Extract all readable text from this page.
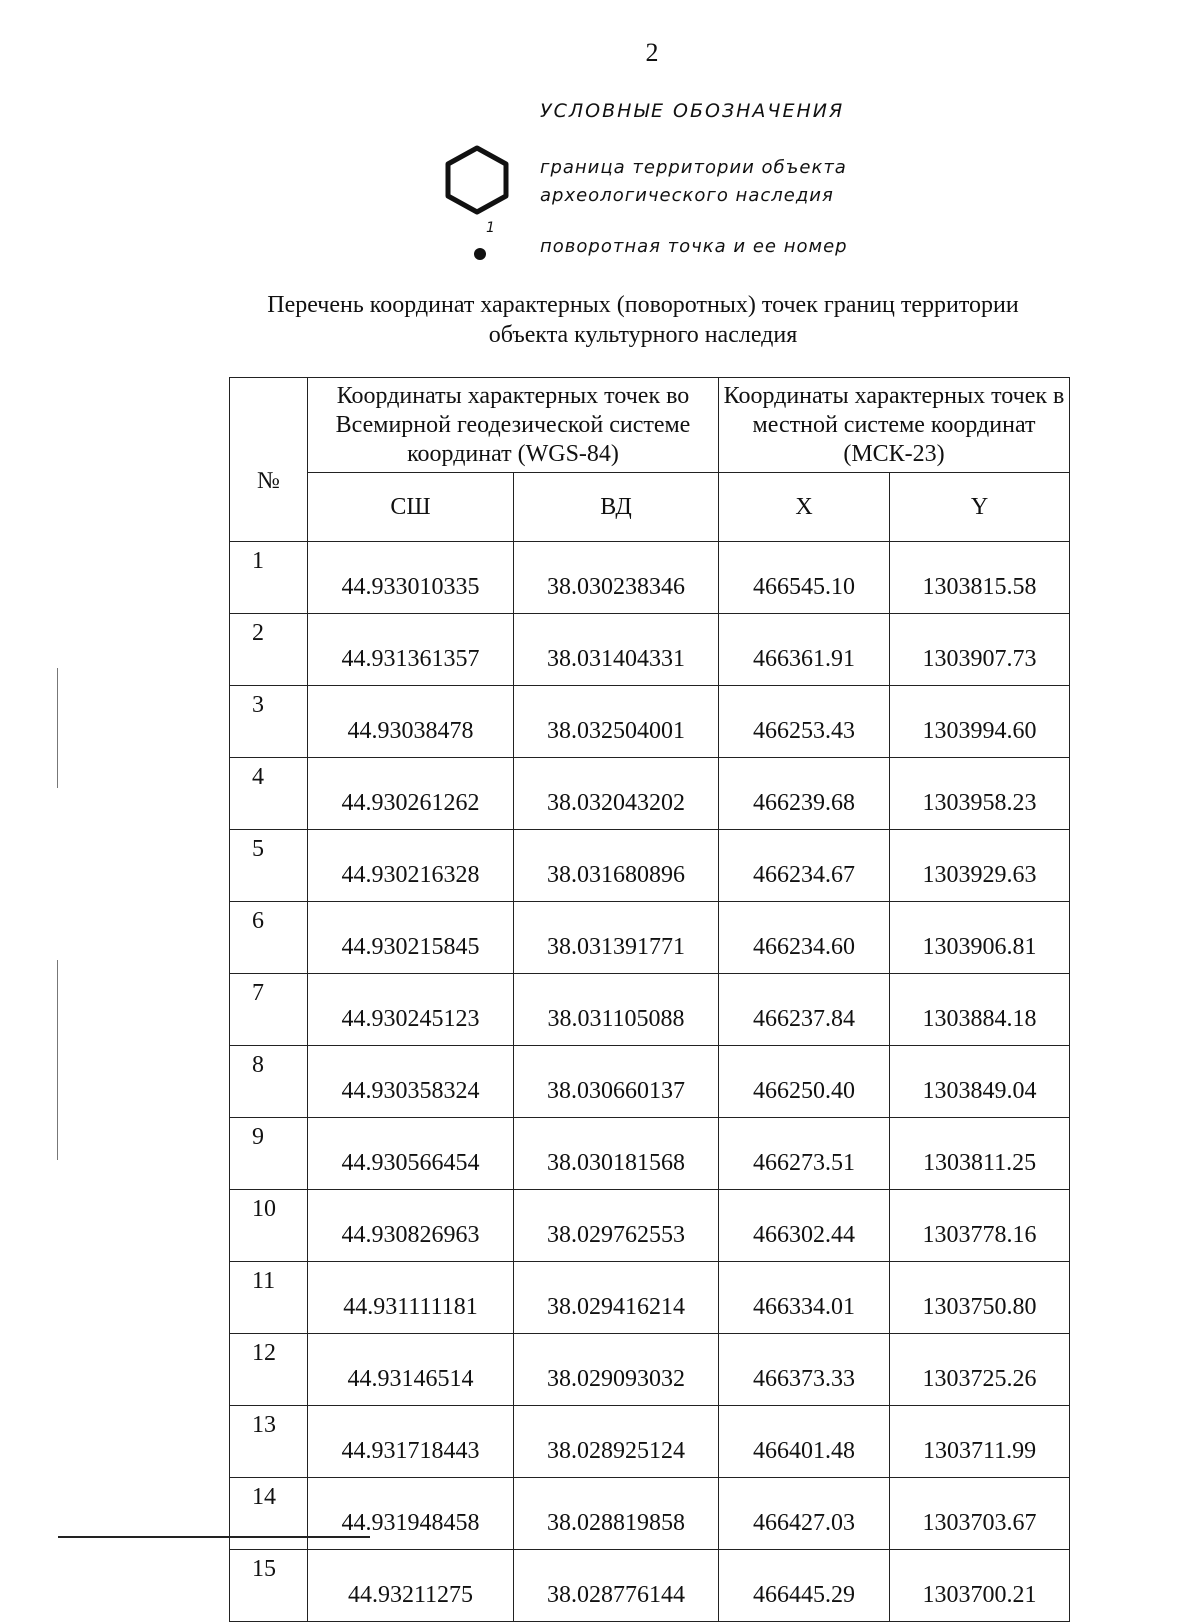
2
УСЛОВНЫЕ ОБОЗНАЧЕНИЯ
граница территории объекта
археологического наследия
1
поворотная точка и ее номер
Перечень координат характерных (поворотных) точек границ территории
объекта культурного наследия
№	Координаты характерных точек во Всемирной геодезической системе координат (WGS-84)		Координаты характерных точек в местной системе координат (МСК-23)	
	СШ	ВД	X	Y
1	44.933010335	38.030238346	466545.10	1303815.58
2	44.931361357	38.031404331	466361.91	1303907.73
3	44.93038478	38.032504001	466253.43	1303994.60
4	44.930261262	38.032043202	466239.68	1303958.23
5	44.930216328	38.031680896	466234.67	1303929.63
6	44.930215845	38.031391771	466234.60	1303906.81
7	44.930245123	38.031105088	466237.84	1303884.18
8	44.930358324	38.030660137	466250.40	1303849.04
9	44.930566454	38.030181568	466273.51	1303811.25
10	44.930826963	38.029762553	466302.44	1303778.16
11	44.931111181	38.029416214	466334.01	1303750.80
12	44.93146514	38.029093032	466373.33	1303725.26
13	44.931718443	38.028925124	466401.48	1303711.99
14	44.931948458	38.028819858	466427.03	1303703.67
15	44.93211275	38.028776144	466445.29	1303700.21
